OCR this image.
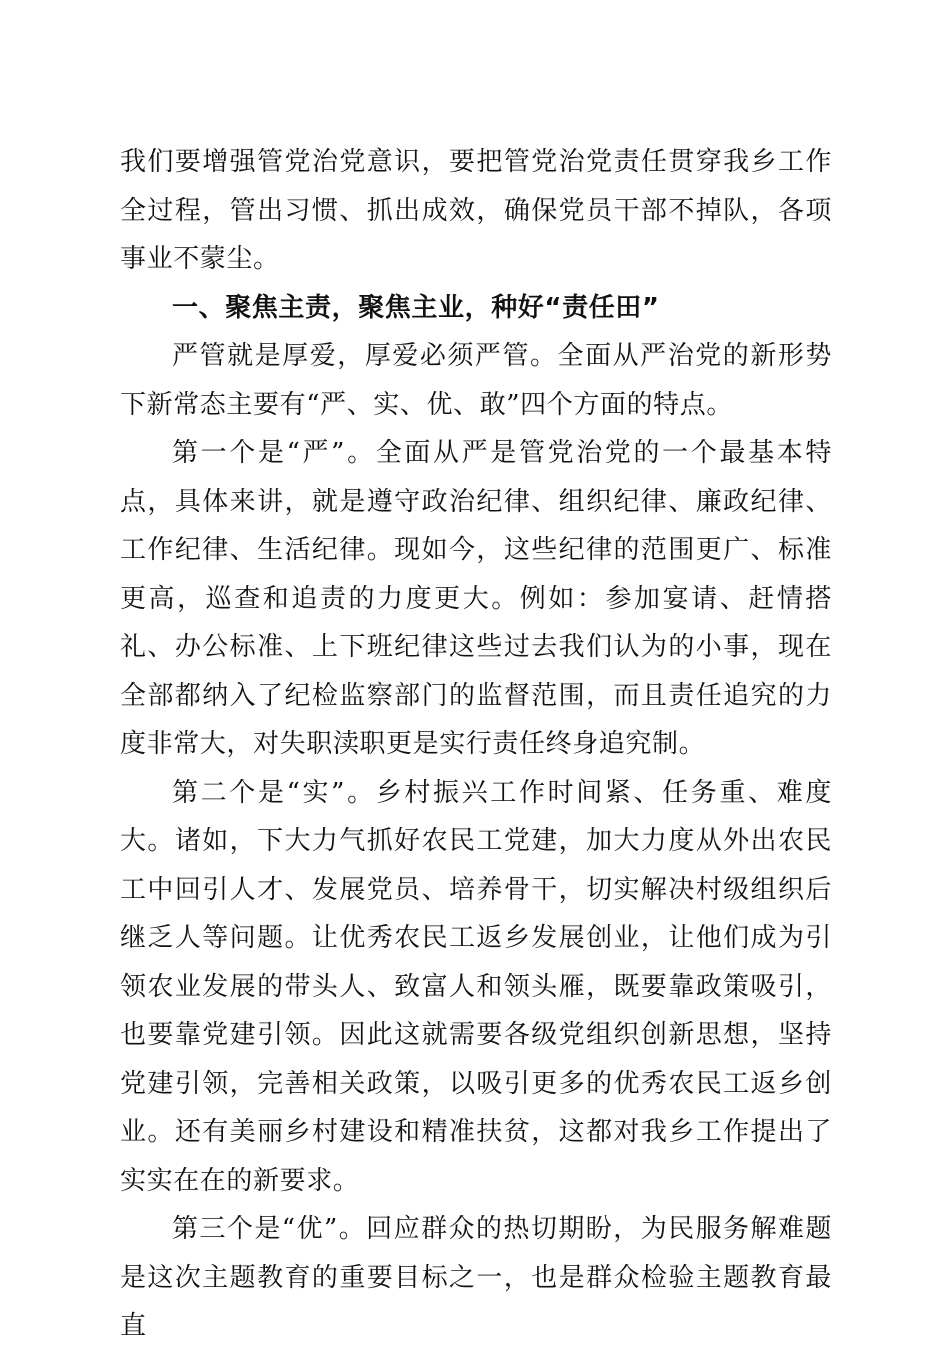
我们要增强管党治党意识，要把管党治党责任贯穿我乡工作全过程，管出习惯、抓出成效，确保党员干部不掉队，各项事业不蒙尘。

一、聚焦主责，聚焦主业，种好“责任田”

严管就是厚爱，厚爱必须严管。全面从严治党的新形势下新常态主要有“严、实、优、敢”四个方面的特点。

第一个是“严”。全面从严是管党治党的一个最基本特点，具体来讲，就是遵守政治纪律、组织纪律、廉政纪律、工作纪律、生活纪律。现如今，这些纪律的范围更广、标准更高，巡查和追责的力度更大。例如：参加宴请、赶情搭礼、办公标准、上下班纪律这些过去我们认为的小事，现在全部都纳入了纪检监察部门的监督范围，而且责任追究的力度非常大，对失职渎职更是实行责任终身追究制。

第二个是“实”。乡村振兴工作时间紧、任务重、难度大。诸如，下大力气抓好农民工党建，加大力度从外出农民工中回引人才、发展党员、培养骨干，切实解决村级组织后继乏人等问题。让优秀农民工返乡发展创业，让他们成为引领农业发展的带头人、致富人和领头雁，既要靠政策吸引，也要靠党建引领。因此这就需要各级党组织创新思想，坚持党建引领，完善相关政策，以吸引更多的优秀农民工返乡创业。还有美丽乡村建设和精准扶贫，这都对我乡工作提出了实实在在的新要求。

第三个是“优”。回应群众的热切期盼，为民服务解难题是这次主题教育的重要目标之一，也是群众检验主题教育最直
